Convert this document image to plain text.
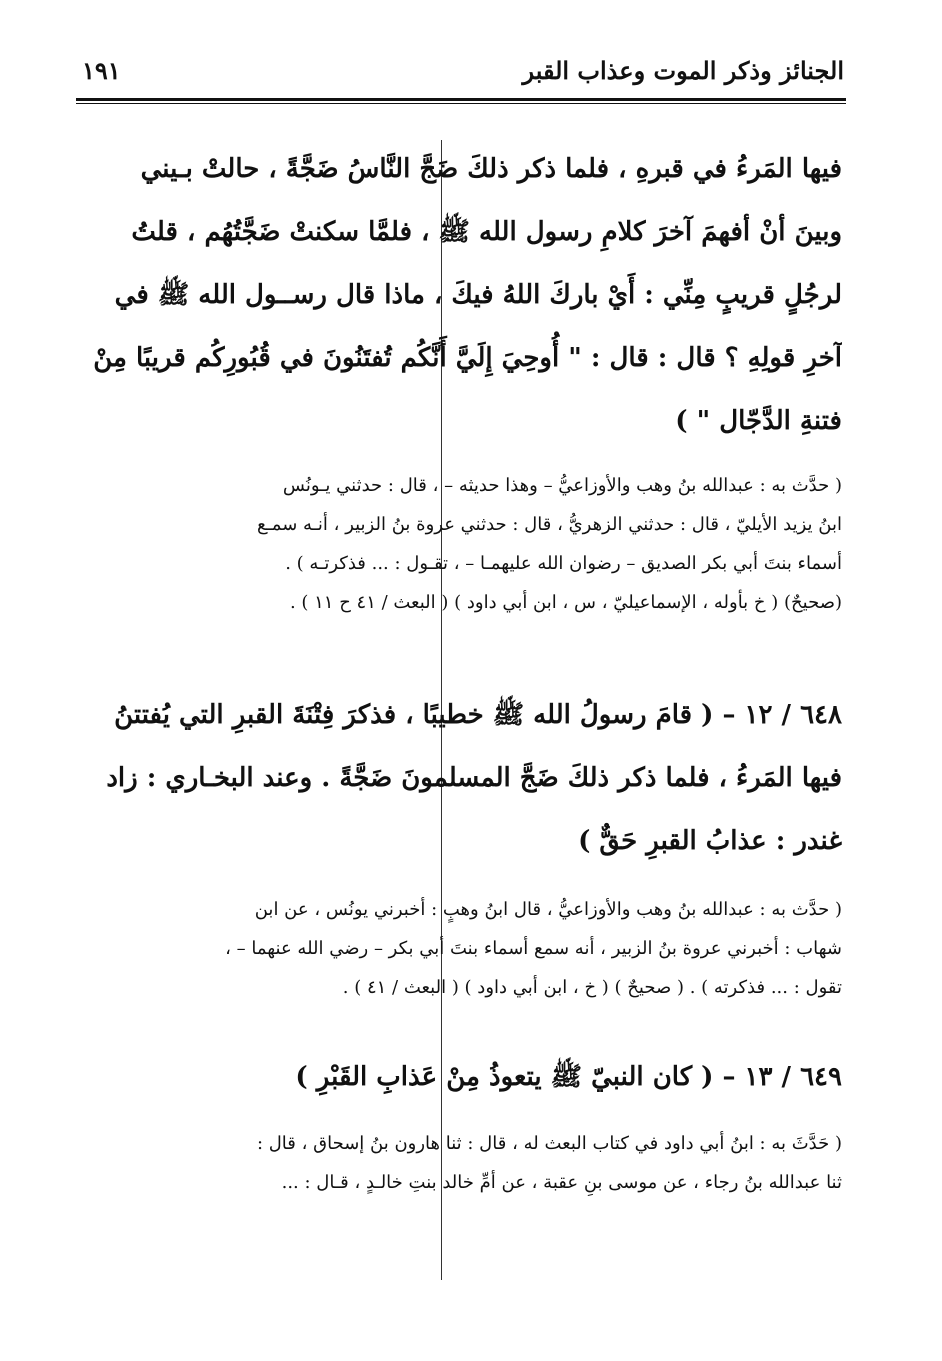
الجنائز وذكر الموت وعذاب القبر
١٩١

فيها المَرءُ في قبرهِ ، فلما ذكر ذلكَ ضَجَّ النَّاسُ ضَجَّةً ، حالتْ بـيني

وبينَ أنْ أفهمَ آخرَ كلامِ رسول الله ﷺ ، فلمَّا سكنتْ ضَجَّتُهُم ، قلتُ

لرجُلٍ قريبٍ مِنِّي : أَيْ باركَ اللهُ فيكَ ، ماذا قال رســول الله ﷺ في

آخرِ قولِهِ ؟ قال : قال : " أُوحِيَ إِلَيَّ أَنَّكُم تُفتَنُونَ في قُبُورِكُم قريبًا مِنْ

فتنةِ الدَّجّال " )

( حدَّث به : عبدالله بنُ وهب والأوزاعيُّ – وهذا حديثه – ، قال : حدثني يـونُس

ابنُ يزيد الأيليّ ، قال : حدثني الزهريُّ ، قال : حدثني عروة بنُ الزبير ، أنـه سمـع

أسماء بنتَ أبي بكر الصديق – رضوان الله عليهمـا – ، تقـول : ... فذكرتـه ) .

(صحيحٌ) ( خ بأوله ، الإسماعيليّ ، س ، ابن أبي داود ) ( البعث / ٤١ ح ١١ ) .

٦٤٨ / ١٢ – ( قامَ رسولُ الله ﷺ خطيبًا ، فذكرَ فِتْنَةَ القبرِ التي يُفتتنُ

فيها المَرءُ ، فلما ذكر ذلكَ ضَجَّ المسلمونَ ضَجَّةً . وعند البخـاري : زاد

غندر : عذابُ القبرِ حَقٌّ )

( حدَّث به : عبدالله بنُ وهب والأوزاعيُّ ، قال ابنُ وهبٍ : أخبرني يونُس ، عن ابن

شهاب : أخبرني عروة بنُ الزبير ، أنه سمع أسماء بنتَ أبي بكر – رضي الله عنهما – ،

تقول : ... فذكرته ) . ( صحيحٌ ) ( خ ، ابن أبي داود ) ( البعث / ٤١ ) .

٦٤٩ / ١٣ – ( كان النبيّ ﷺ يتعوذُ مِنْ عَذابِ القَبْرِ )

( حَدَّثَ به : ابنُ أبي داود في كتاب البعث له ، قال : ثنا هارون بنُ إسحاق ، قال :

ثنا عبدالله بنُ رجاء ، عن موسى بنِ عقبة ، عن أمِّ خالد بنتِ خالـدٍ ، قـال : ...
